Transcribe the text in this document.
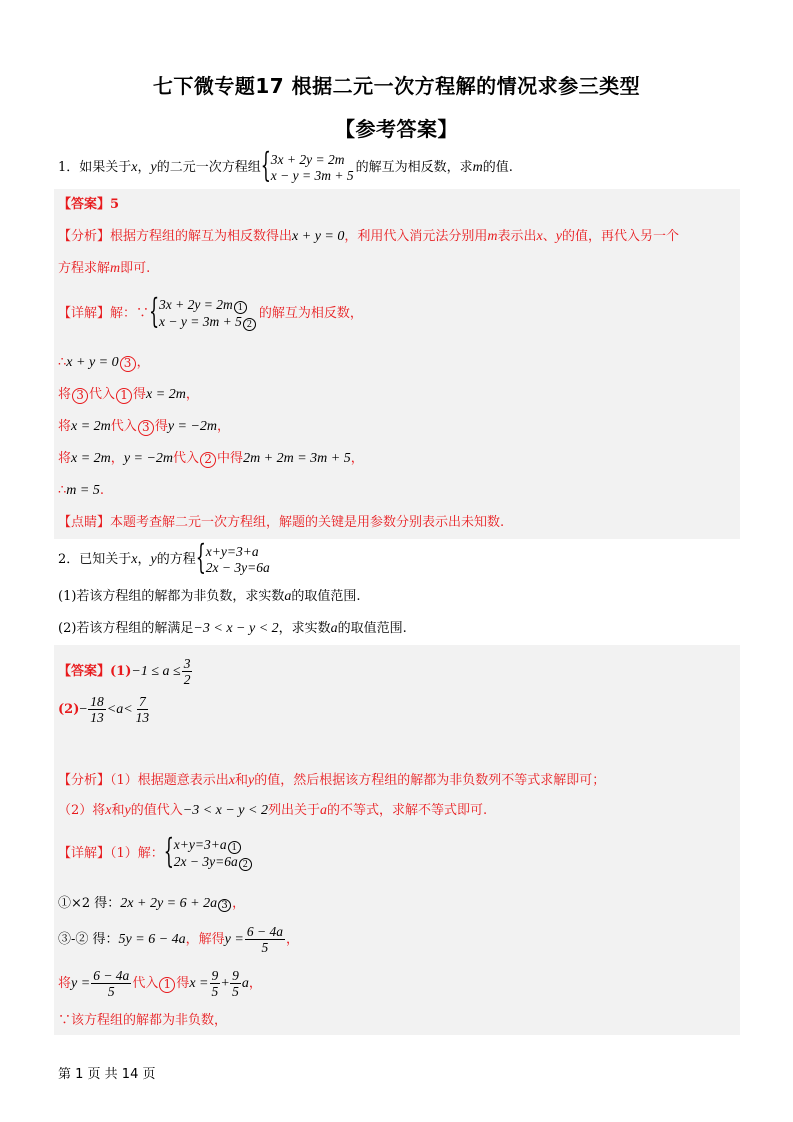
七下微专题17 根据二元一次方程解的情况求参三类型
【参考答案】
1．如果关于x，y的二元一次方程组
{ 3x + 2y = 2m
x − y = 3m + 5 的解互为相反数，求m的值.
【答案】5
【分析】根据方程组的解互为相反数得出x + y = 0，利用代入消元法分别用m表示出x、y的值，再代入另一个
方程求解m即可.
【详解】解：∵
{ 3x + 2y = 2m 1
x − y = 3m + 5 2
的解互为相反数，
∴x + y = 0 3 ，
将 3 代入 1 得x = 2m，
将x = 2m代入 3 得y = −2m，
将x = 2m，y = −2m代入 2 中得2m + 2m = 3m + 5，
∴m = 5.
【点睛】本题考查解二元一次方程组，解题的关键是用参数分别表示出未知数.
2．已知关于x，y的方程
{ x+y=3+a
2x − 3y=6a
(1)若该方程组的解都为非负数，求实数a的取值范围.
(2)若该方程组的解满足−3 < x − y < 2，求实数a的取值范围.
【答案】$(1)-1 \le a \le \frac{3}{2}$
$(2)- \frac{18}{13} <a< \frac{7}{13}$
【分析】（1）根据题意表示出x和y的值，然后根据该方程组的解都为非负数列不等式求解即可；
（2）将x和y的值代入−3 < x − y < 2列出关于a的不等式，求解不等式即可.
【详解】（1）解：
{ x+y=3+a 1
2x − 3y=6a 2
①×2 得：2x + 2y = 6 + 2a 3 ，
③-② 得：5y = 6 − 4a，解得$y = \frac{6 - 4a}{5}$ ，
将$y = \frac{6 - 4a}{5}$ 代入 1 得$x = \frac{9}{5} + \frac{9}{5}$ a，
∵该方程组的解都为非负数，
第 1 页 共 14 页
